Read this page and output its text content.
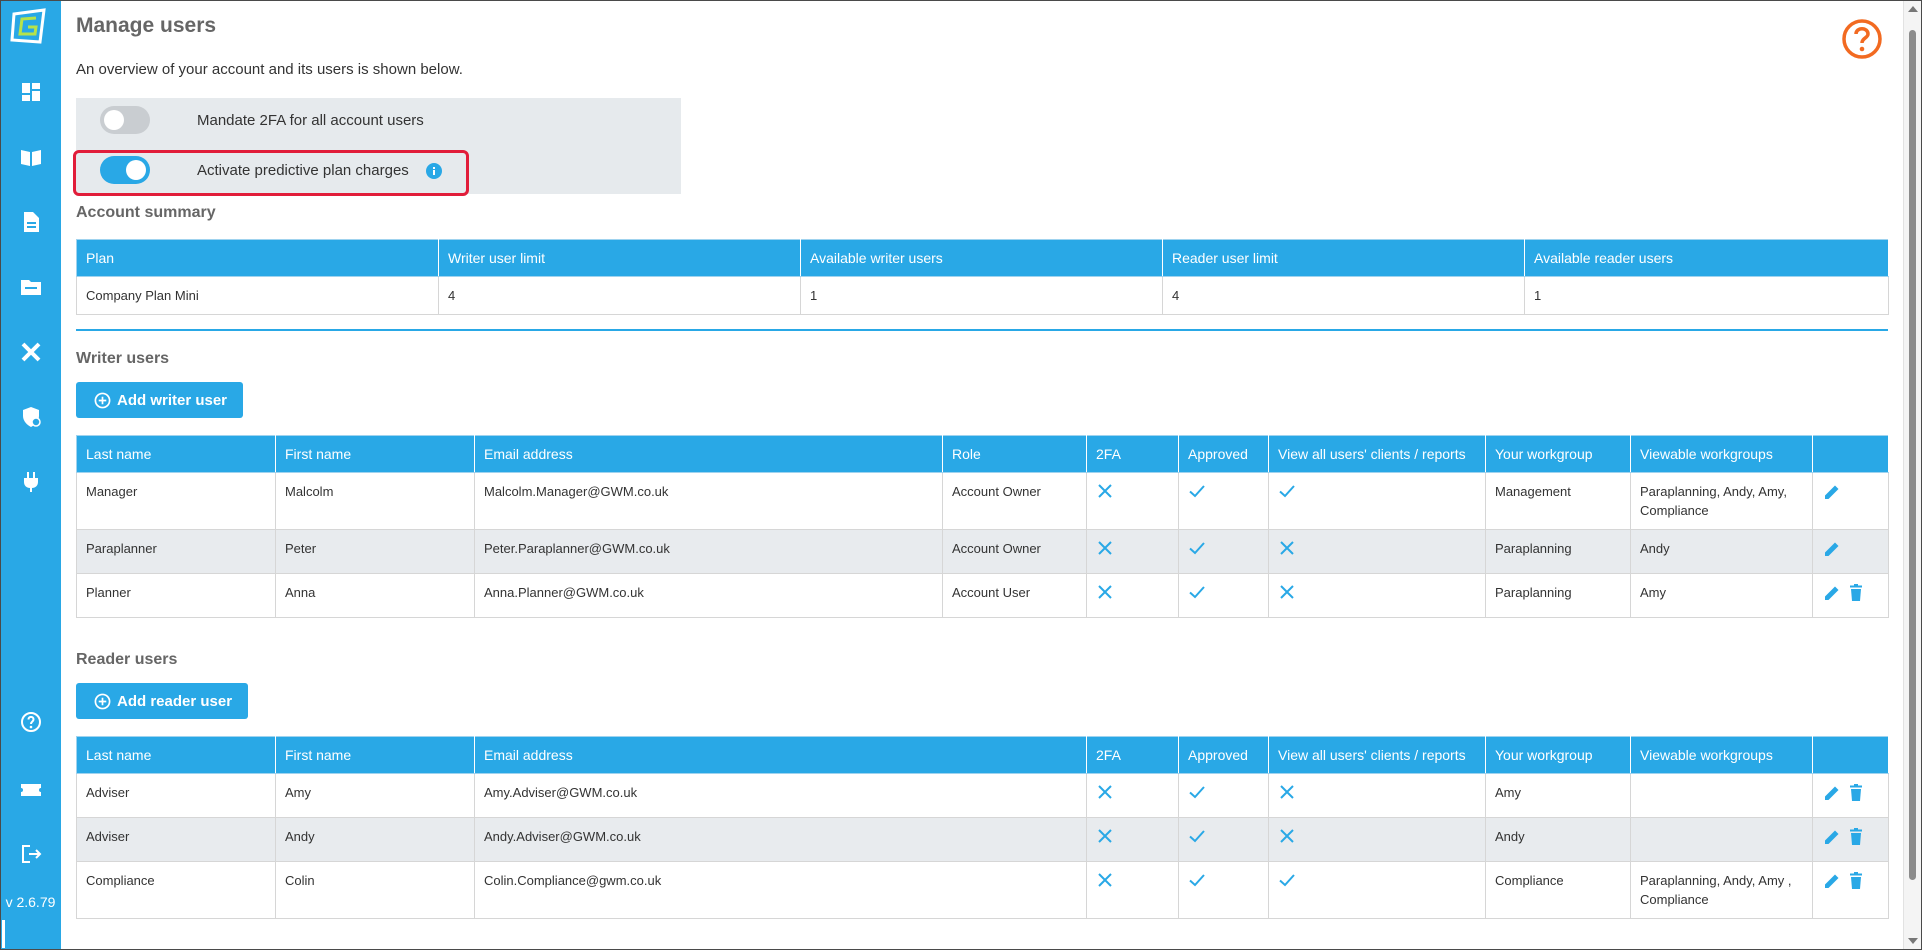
v 2.6.79
Manage users
An overview of your account and its users is shown below.
Mandate 2FA for all account users
Activate predictive plan charges
Account summary
Plan	Writer user limit	Available writer users	Reader user limit	Available reader users
Company Plan Mini	4	1	4	1
Writer users
Add writer user
Last name	First name	Email address	Role	2FA	Approved	View all users' clients / reports	Your workgroup	Viewable workgroups	
Manager	Malcolm	Malcolm.Manager@GWM.co.uk	Account Owner				Management	Paraplanning, Andy, Amy, Compliance	
Paraplanner	Peter	Peter.Paraplanner@GWM.co.uk	Account Owner				Paraplanning	Andy	
Planner	Anna	Anna.Planner@GWM.co.uk	Account User				Paraplanning	Amy	
Reader users
Add reader user
Last name	First name	Email address	2FA	Approved	View all users' clients / reports	Your workgroup	Viewable workgroups	
Adviser	Amy	Amy.Adviser@GWM.co.uk				Amy		
Adviser	Andy	Andy.Adviser@GWM.co.uk				Andy		
Compliance	Colin	Colin.Compliance@gwm.co.uk				Compliance	Paraplanning, Andy, Amy , Compliance	
